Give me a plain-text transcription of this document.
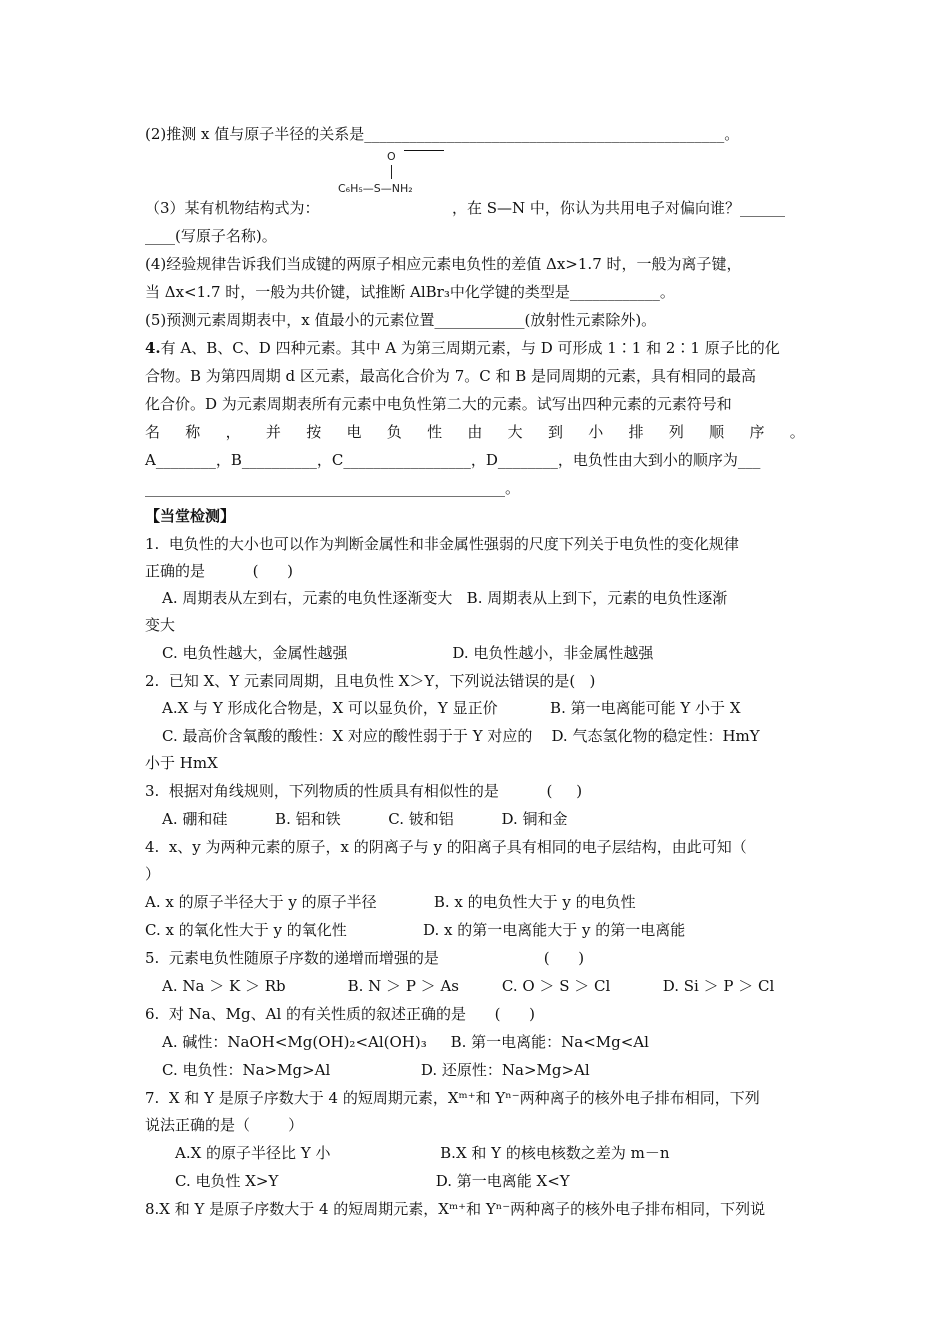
(2)推测 x 值与原子半径的关系是________________________________________________。
O
C₆H₅—S—NH₂
（3）某有机物结构式为：	，在 S—N 中，你认为共用电子对偏向谁？______
____(写原子名称)。
(4)经验规律告诉我们当成键的两原子相应元素电负性的差值 Δx>1.7 时，一般为离子键，
当 Δx<1.7 时，一般为共价键，试推断 AlBr₃中化学键的类型是____________。
(5)预测元素周期表中，x 值最小的元素位置____________(放射性元素除外)。
4.有 A、B、C、D 四种元素。其中 A 为第三周期元素，与 D 可形成 1∶1 和 2∶1 原子比的化
合物。B 为第四周期 d 区元素，最高化合价为 7。C 和 B 是同周期的元素，具有相同的最高
化合价。D 为元素周期表所有元素中电负性第二大的元素。试写出四种元素的元素符号和
名 称 ， 并 按 电 负 性 由 大 到 小 排 列 顺 序 。
A________，B__________，C_________________，D________，电负性由大到小的顺序为___
________________________________________________。
【当堂检测】
1.  电负性的大小也可以作为判断金属性和非金属性强弱的尺度下列关于电负性的变化规律
正确的是          (      )
A. 周期表从左到右，元素的电负性逐渐变大   B. 周期表从上到下，元素的电负性逐渐
变大
C. 电负性越大，金属性越强                      D. 电负性越小，非金属性越强
2.  已知 X、Y 元素同周期，且电负性 X＞Y，下列说法错误的是(   )
A.X 与 Y 形成化合物是，X 可以显负价，Y 显正价           B. 第一电离能可能 Y 小于 X
C. 最高价含氧酸的酸性：X 对应的酸性弱于于 Y 对应的    D. 气态氢化物的稳定性：HmY
小于 HmX
3.  根据对角线规则，下列物质的性质具有相似性的是          (     )
A. 硼和硅          B. 铝和铁          C. 铍和铝          D. 铜和金
4.  x、y 为两种元素的原子，x 的阴离子与 y 的阳离子具有相同的电子层结构，由此可知（
）
A. x 的原子半径大于 y 的原子半径            B. x 的电负性大于 y 的电负性
C. x 的氧化性大于 y 的氧化性                D. x 的第一电离能大于 y 的第一电离能
5.  元素电负性随原子序数的递增而增强的是                      (      )
A. Na ＞ K ＞ Rb             B. N ＞ P ＞ As         C. O ＞ S ＞ Cl           D. Si ＞ P ＞ Cl
6.  对 Na、Mg、Al 的有关性质的叙述正确的是      (      )
A. 碱性：NaOH<Mg(OH)₂<Al(OH)₃     B. 第一电离能：Na<Mg<Al
C. 电负性：Na>Mg>Al                   D. 还原性：Na>Mg>Al
7.  X 和 Y 是原子序数大于 4 的短周期元素，Xᵐ⁺和 Yⁿ⁻两种离子的核外电子排布相同，下列
说法正确的是（        ）
A.X 的原子半径比 Y 小                       B.X 和 Y 的核电核数之差为 m－n
C. 电负性 X>Y                                 D. 第一电离能 X<Y
8.X 和 Y 是原子序数大于 4 的短周期元素，Xᵐ⁺和 Yⁿ⁻两种离子的核外电子排布相同，下列说
